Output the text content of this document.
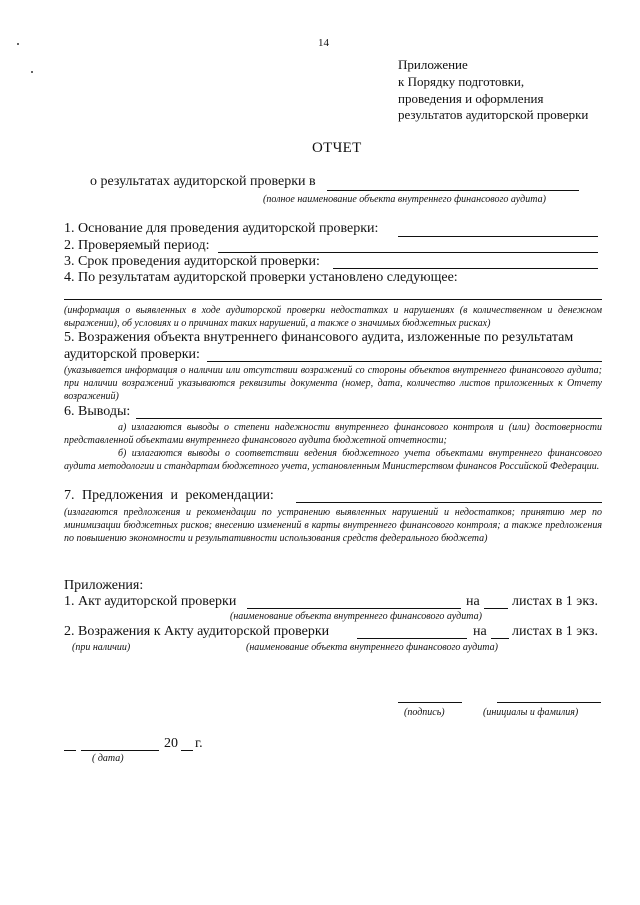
14
Приложение
к Порядку подготовки,
проведения и оформления
результатов аудиторской проверки
ОТЧЕТ
о результатах аудиторской проверки в
(полное наименование объекта внутреннего финансового аудита)
1. Основание для проведения аудиторской проверки:
2. Проверяемый период:
3. Срок проведения аудиторской проверки:
4. По результатам аудиторской проверки установлено следующее:
(информация о выявленных в ходе аудиторской проверки недостатках и нарушениях (в количественном и денежном выражении), об условиях и о причинах таких нарушений, а также о значимых бюджетных рисках)
5. Возражения объекта внутреннего финансового аудита, изложенные по результатам
аудиторской проверки:
(указывается информация о наличии или отсутствии возражений со стороны объектов внутреннего финансового аудита; при наличии возражений указываются реквизиты документа (номер, дата, количество листов приложенных к Отчету возражений)
6. Выводы:
а) излагаются выводы о степени надежности внутреннего финансового контроля и (или) достоверности представленной объектами внутреннего финансового аудита бюджетной отчетности;
б) излагаются выводы о соответствии ведения бюджетного учета объектами внутреннего финансового аудита методологии и стандартам бюджетного учета, установленным Министерством финансов Российской Федерации.
7. Предложения и рекомендации:
(излагаются предложения и рекомендации по устранению выявленных нарушений и недостатков; принятию мер по минимизации бюджетных рисков; внесению изменений в карты внутреннего финансового контроля; а также предложения по повышению экономности и результативности использования средств федерального бюджета)
Приложения:
1. Акт аудиторской проверки	на листах в 1 экз.
(наименование объекта внутреннего финансового аудита)
2. Возражения к Акту аудиторской проверки	на листах в 1 экз.
(при наличии)	(наименование объекта внутреннего финансового аудита)
(подпись)	(инициалы и фамилия)
20 г.
( дата)
